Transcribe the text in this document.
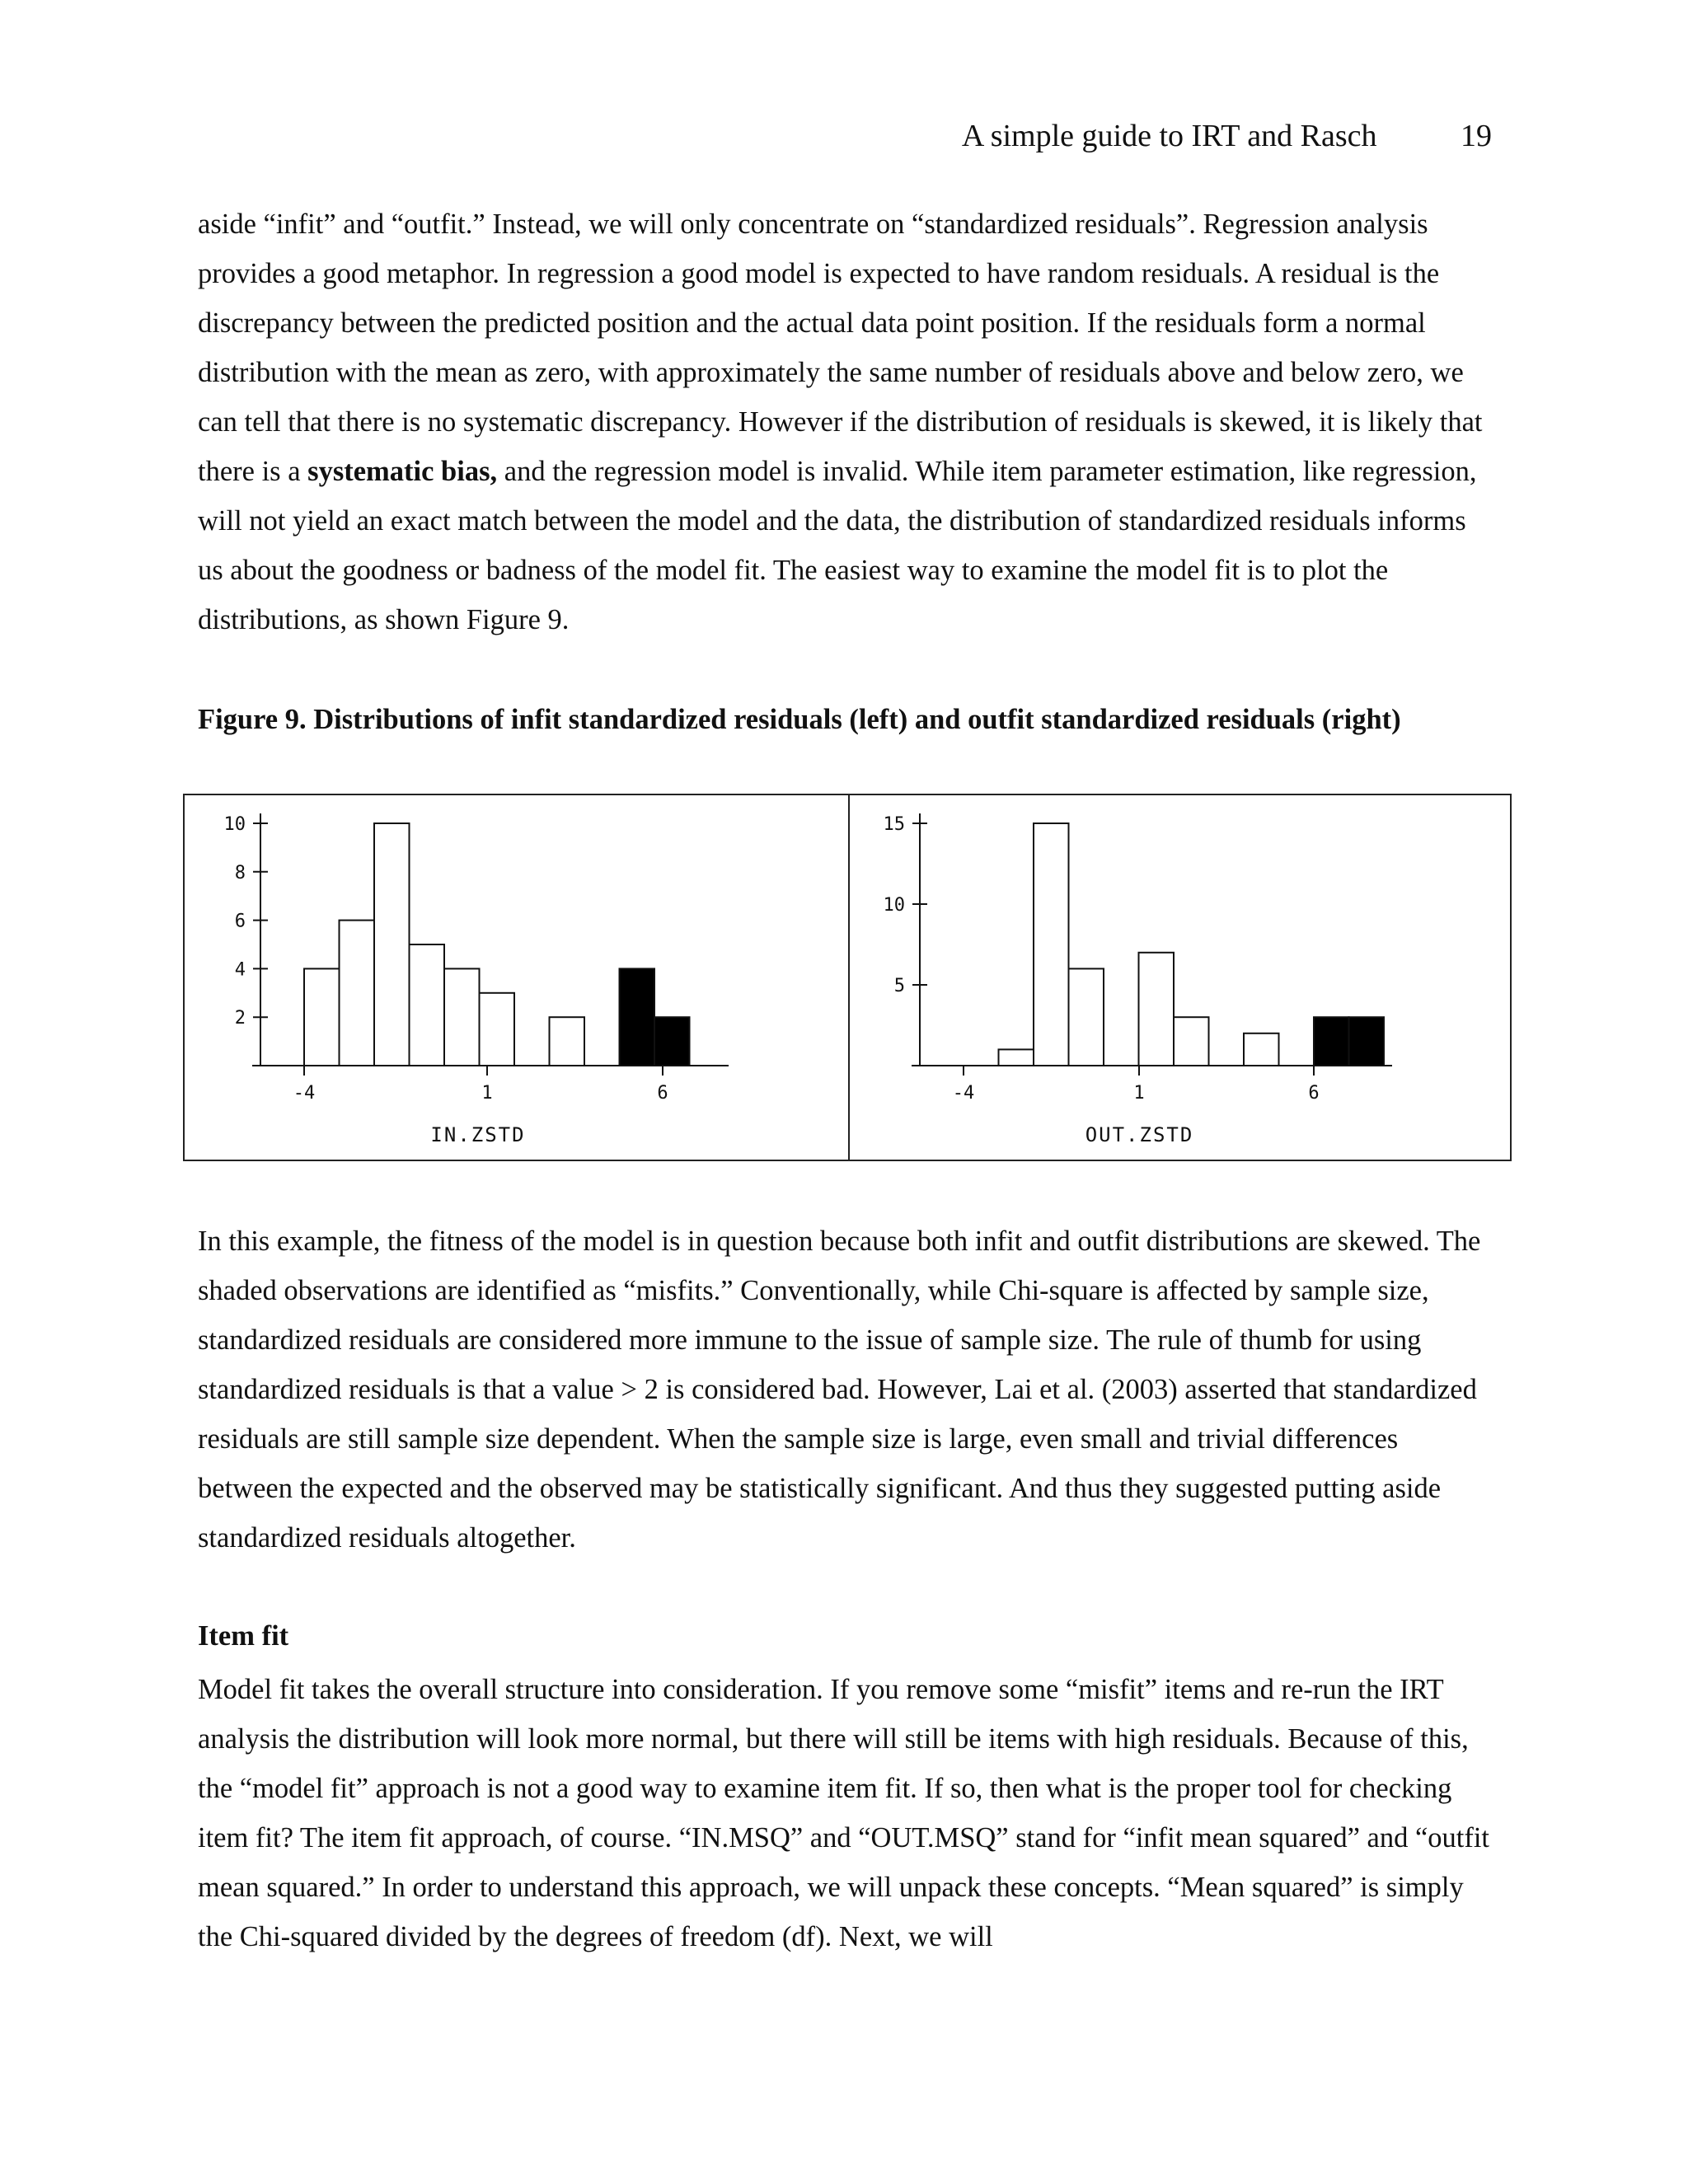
A simple guide to IRT and Rasch	19

aside “infit” and “outfit.” Instead, we will only concentrate on “standardized residuals”. Regression analysis provides a good metaphor. In regression a good model is expected to have random residuals. A residual is the discrepancy between the predicted position and the actual data point position. If the residuals form a normal distribution with the mean as zero, with approximately the same number of residuals above and below zero, we can tell that there is no systematic discrepancy. However if the distribution of residuals is skewed, it is likely that there is a systematic bias, and the regression model is invalid. While item parameter estimation, like regression, will not yield an exact match between the model and the data, the distribution of standardized residuals informs us about the goodness or badness of the model fit. The easiest way to examine the model fit is to plot the distributions, as shown Figure 9.

Figure 9. Distributions of infit standardized residuals (left) and outfit standardized residuals (right)
2
4
6
8
10
-4	1	6
IN.ZSTD
5
10
15
-4	1	6
OUT.ZSTD

In this example, the fitness of the model is in question because both infit and outfit distributions are skewed. The shaded observations are identified as “misfits.” Conventionally, while Chi-square is affected by sample size, standardized residuals are considered more immune to the issue of sample size. The rule of thumb for using standardized residuals is that a value > 2 is considered bad. However, Lai et al. (2003) asserted that standardized residuals are still sample size dependent. When the sample size is large, even small and trivial differences between the expected and the observed may be statistically significant. And thus they suggested putting aside standardized residuals altogether.

Item fit

Model fit takes the overall structure into consideration. If you remove some “misfit” items and re-run the IRT analysis the distribution will look more normal, but there will still be items with high residuals. Because of this, the “model fit” approach is not a good way to examine item fit. If so, then what is the proper tool for checking item fit? The item fit approach, of course. “IN.MSQ” and “OUT.MSQ” stand for “infit mean squared” and “outfit mean squared.” In order to understand this approach, we will unpack these concepts. “Mean squared” is simply the Chi-squared divided by the degrees of freedom (df). Next, we will
